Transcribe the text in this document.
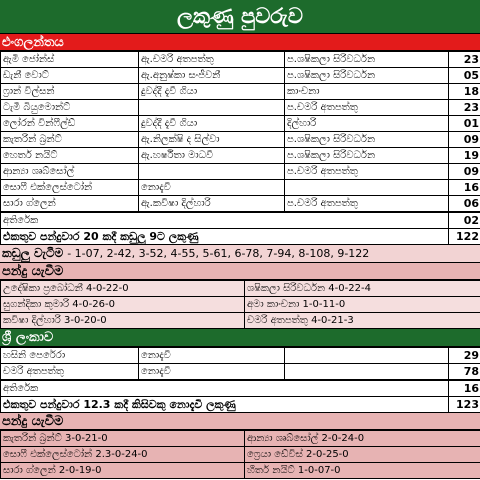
ලකුණු පුවරුව
එංගලන්තය
ඇමි ජෝන්ස්	ඇ.චමරි අතපත්තු	ප.ශෂිකලා සිරිවර්ධන	23
ඩැනී වොට්	ඇ.අනුෂ්කා සංජීවනී	ප.ශෂිකලා සිරිවර්ධන	05
ෆ්‍රාන් විල්සන්	දුවද්දී දැවී ගියා	කාංචනා	18
ටැමී බියුමොන්ට්		ප.චමරි අතපත්තු	23
ලෝරන් වින්ෆීල්ඩ්	දුවද්දී දැවී ගියා	දිල්හාරි	01
කැතරින් බ්‍රන්ට්	ඇ.නිලක්ෂි ද සිල්වා	ප.ශෂිකලා සිරිවර්ධන	09
හෙතර් නයිට්	ඇ.හර්ෂිතා මාධවී	ප.ශෂිකලා සිරිවර්ධන	19
ආන්‍යා ශෘබ්සෝල්		ප.චමරි අතපත්තු	09
සොෆී එක්ලෙස්ටෝන්	නොදැවී		16
සාරා ග්ලෙන්	ඇ.කවිෂා දිල්හාරි	ප.චමරි අතපත්තු	06
අතිරේක	02
එකතුව පන්දුවාර 20 කදී කඩුලු 9ට ලකුණු	122
කඩුලු වැටීම - 1-07, 2-42, 3-52, 4-55, 5-61, 6-78, 7-94, 8-108, 9-122
පන්දු යැවීම
උදේෂිකා ප්‍රබෝධනී 4-0-22-0	ශෂිකලා සිරිවර්ධන 4-0-22-4
සුගන්දිකා කුමාරි 4-0-26-0	අමා කාංචනා 1-0-11-0
කවිෂා දිල්හාරි 3-0-20-0	චමරි අතපත්තු 4-0-21-3
ශ්‍රී ලංකාව
හසිනි පෙරේරා	නොදැවී		29
චමරි අතපත්තු	නොදැවී		78
අතිරේක	16
එකතුව පන්දුවාර 12.3 කදී කිසිවකු නොදැවී ලකුණු	123
පන්දු යැවීම
කැතරින් බ්‍රන්ට් 3-0-21-0	ආන්‍යා ශෘබ්සෝල් 2-0-24-0
සොෆී එක්ලෙස්ටෝන් 2.3-0-24-0	ෆ්‍රෙයා ඩේවිස් 2-0-25-0
සාරා ග්ලෙන් 2-0-19-0	හීතර් නයිට් 1-0-07-0
